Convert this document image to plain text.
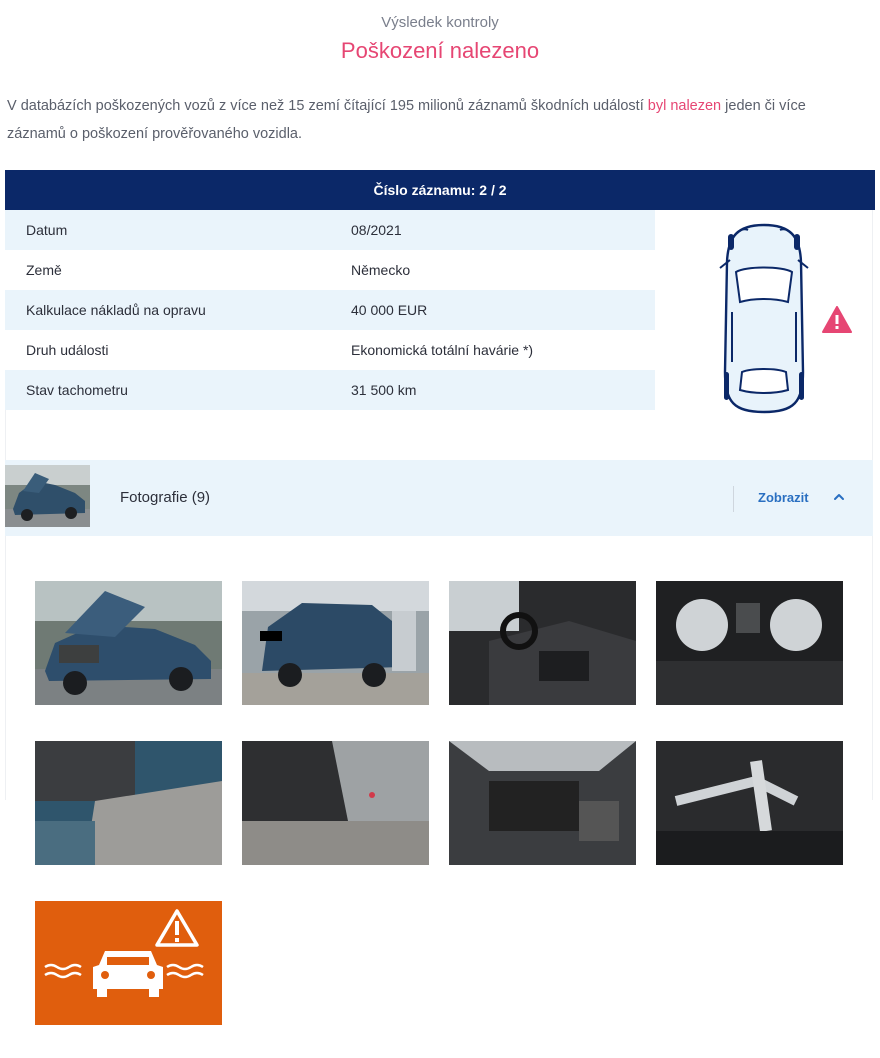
Výsledek kontroly
Poškození nalezeno
V databázích poškozených vozů z více než 15 zemí čítající 195 milionů záznamů škodních událostí byl nalezen jeden či více záznamů o poškození prověřovaného vozidla.
Číslo záznamu: 2 / 2
Datum	08/2021
Země	Německo
Kalkulace nákladů na opravu	40 000 EUR
Druh události	Ekonomická totální havárie *)
Stav tachometru	31 500 km
Fotografie (9)	Zobrazit
